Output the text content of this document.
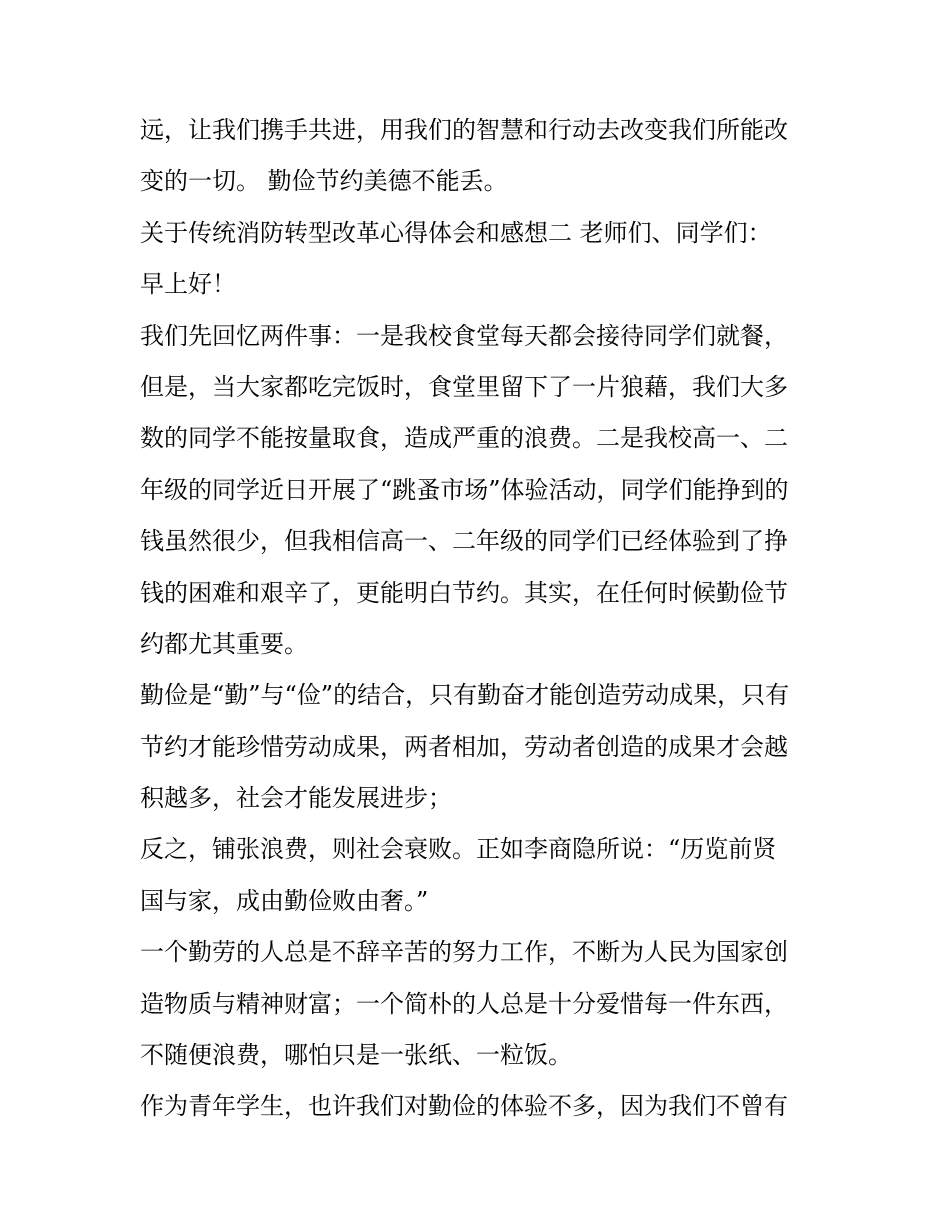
远，让我们携手共进，用我们的智慧和行动去改变我们所能改
变的一切。 勤俭节约美德不能丢。
关于传统消防转型改革心得体会和感想二 老师们、同学们：
早上好！
我们先回忆两件事：一是我校食堂每天都会接待同学们就餐，
但是，当大家都吃完饭时，食堂里留下了一片狼藉，我们大多
数的同学不能按量取食，造成严重的浪费。二是我校高一、二
年级的同学近日开展了“跳蚤市场”体验活动，同学们能挣到的
钱虽然很少，但我相信高一、二年级的同学们已经体验到了挣
钱的困难和艰辛了，更能明白节约。其实，在任何时候勤俭节
约都尤其重要。
勤俭是“勤”与“俭”的结合，只有勤奋才能创造劳动成果，只有
节约才能珍惜劳动成果，两者相加，劳动者创造的成果才会越
积越多，社会才能发展进步；
反之，铺张浪费，则社会衰败。正如李商隐所说：“历览前贤
国与家，成由勤俭败由奢。”
一个勤劳的人总是不辞辛苦的努力工作，不断为人民为国家创
造物质与精神财富；一个简朴的人总是十分爱惜每一件东西，
不随便浪费，哪怕只是一张纸、一粒饭。
作为青年学生，也许我们对勤俭的体验不多，因为我们不曾有
